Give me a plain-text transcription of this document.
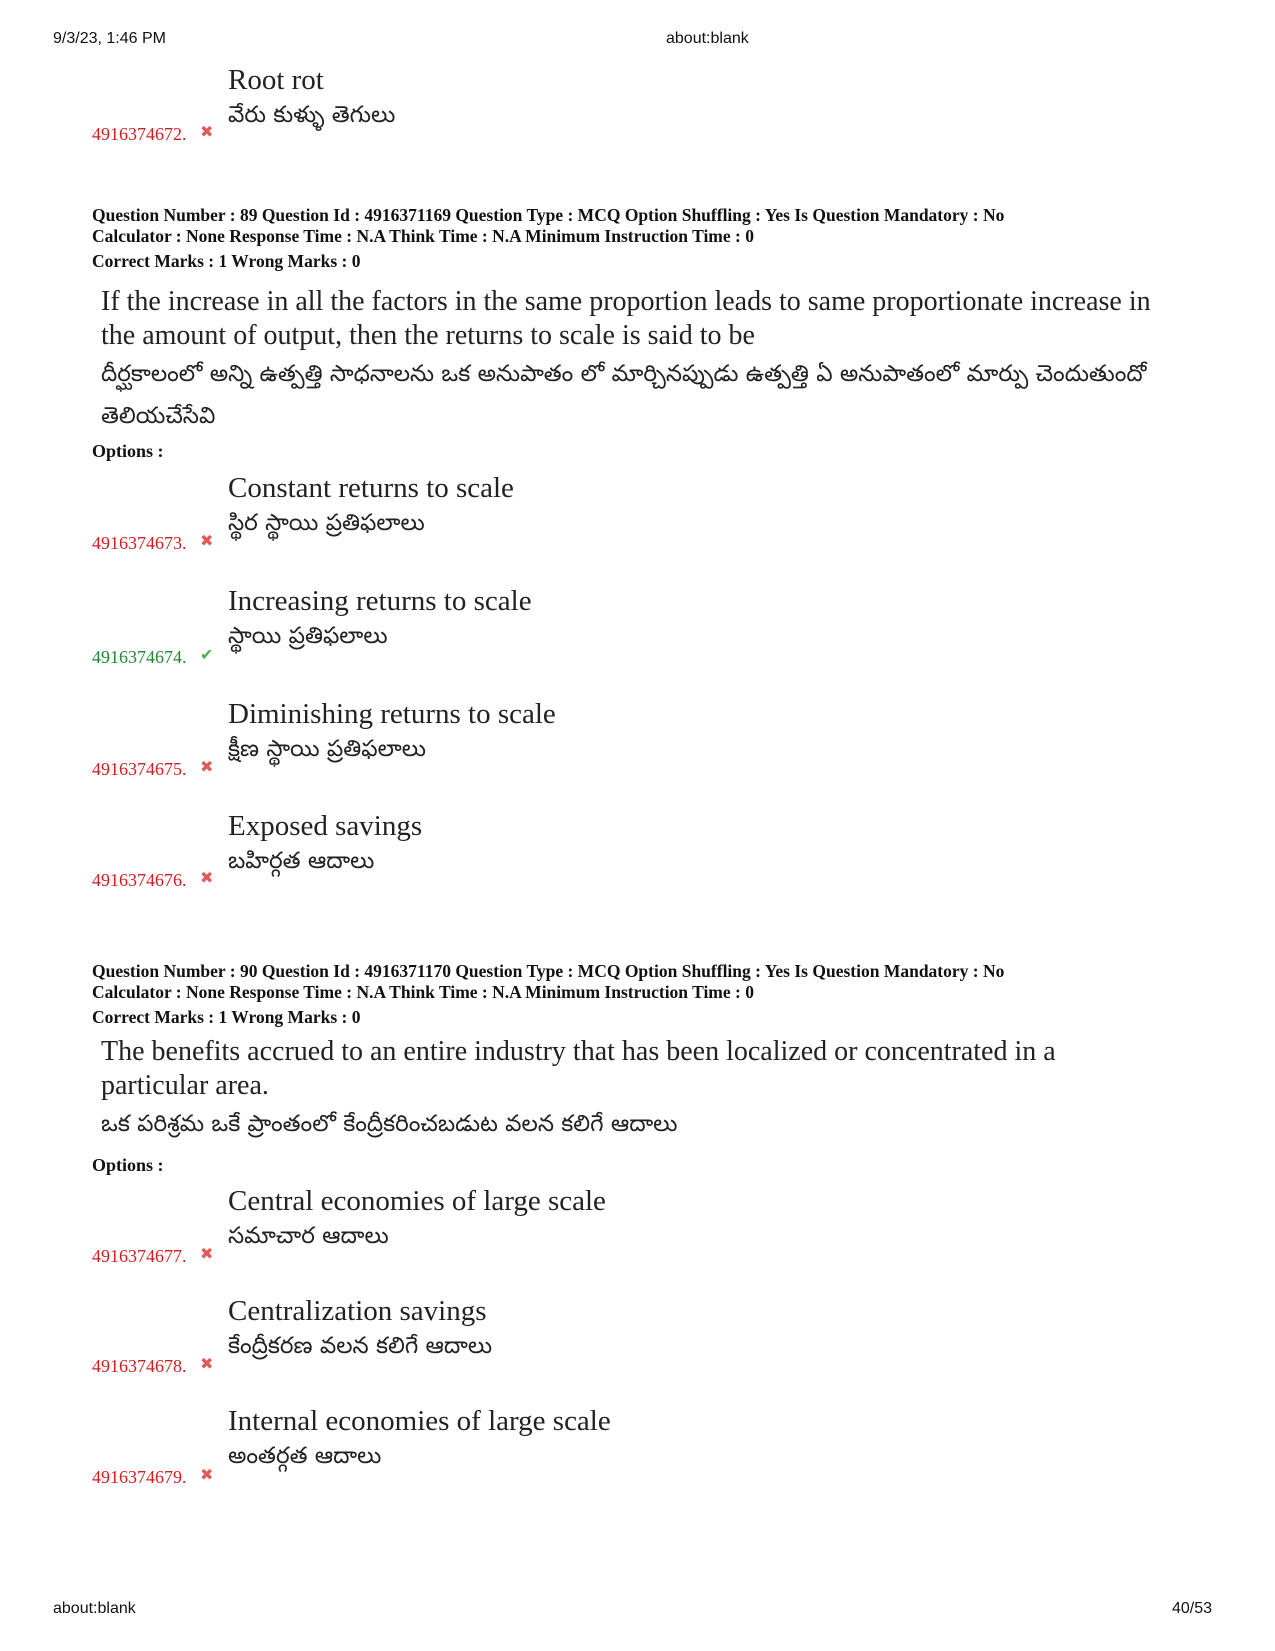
9/3/23, 1:46 PM	about:blank
Root rot
వేరు కుళ్ళు తెగులు
4916374672. ✖
Question Number : 89 Question Id : 4916371169 Question Type : MCQ Option Shuffling : Yes Is Question Mandatory : No
Calculator : None Response Time : N.A Think Time : N.A Minimum Instruction Time : 0
Correct Marks : 1 Wrong Marks : 0
If the increase in all the factors in the same proportion leads to same proportionate increase in the amount of output, then the returns to scale is said to be
దీర్ఘకాలంలో అన్ని ఉత్పత్తి సాధనాలను ఒక అనుపాతం లో మార్చినప్పుడు ఉత్పత్తి ఏ అనుపాతంలో మార్పు చెందుతుందో తెలియచేసేవి
Options :
Constant returns to scale
స్థిర స్థాయి ప్రతిఫలాలు
4916374673. ✖
Increasing returns to scale
స్థాయి ప్రతిఫలాలు
4916374674. ✔
Diminishing returns to scale
క్షీణ స్థాయి ప్రతిఫలాలు
4916374675. ✖
Exposed savings
బహిర్గత ఆదాలు
4916374676. ✖
Question Number : 90 Question Id : 4916371170 Question Type : MCQ Option Shuffling : Yes Is Question Mandatory : No
Calculator : None Response Time : N.A Think Time : N.A Minimum Instruction Time : 0
Correct Marks : 1 Wrong Marks : 0
The benefits accrued to an entire industry that has been localized or concentrated in a particular area.
ఒక పరిశ్రమ ఒకే ప్రాంతంలో కేంద్రీకరించబడుట వలన కలిగే ఆదాలు
Options :
Central economies of large scale
సమాచార ఆదాలు
4916374677. ✖
Centralization savings
కేంద్రీకరణ వలన కలిగే ఆదాలు
4916374678. ✖
Internal economies of large scale
అంతర్గత ఆదాలు
4916374679. ✖
about:blank	40/53
